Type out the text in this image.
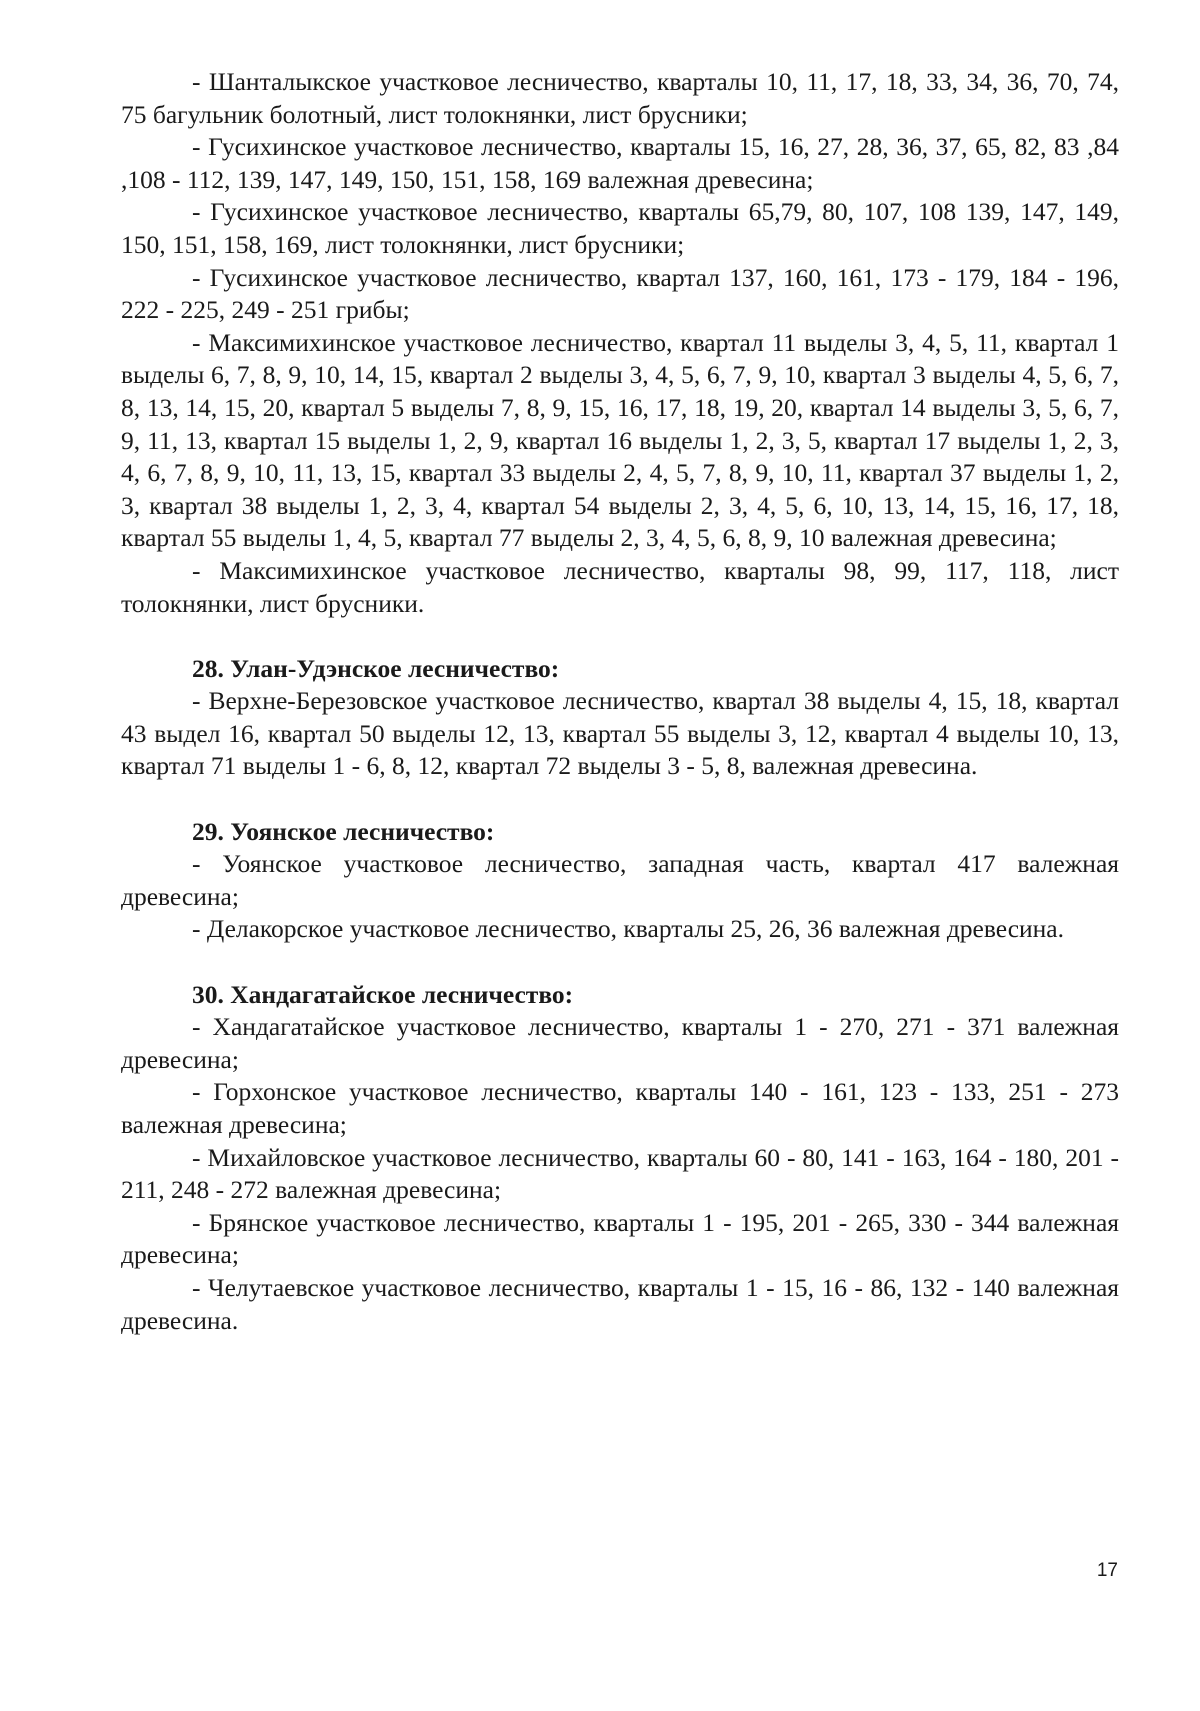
- Шанталыкское участковое лесничество, кварталы 10, 11, 17, 18, 33, 34, 36, 70, 74, 75 багульник болотный, лист толокнянки, лист брусники;

- Гусихинское участковое лесничество, кварталы 15, 16, 27, 28, 36, 37, 65, 82, 83 ,84 ,108 - 112, 139, 147, 149, 150, 151, 158, 169 валежная древесина;

- Гусихинское участковое лесничество, кварталы 65,79, 80, 107, 108 139, 147, 149, 150, 151, 158, 169, лист толокнянки, лист брусники;

- Гусихинское участковое лесничество, квартал 137, 160, 161, 173 - 179, 184 - 196, 222 - 225, 249 - 251 грибы;

- Максимихинское участковое лесничество, квартал 11 выделы 3, 4, 5, 11, квартал 1 выделы 6, 7, 8, 9, 10, 14, 15, квартал 2 выделы 3, 4, 5, 6, 7, 9, 10, квартал 3 выделы 4, 5, 6, 7, 8, 13, 14, 15, 20, квартал 5 выделы 7, 8, 9, 15, 16, 17, 18, 19, 20, квартал 14 выделы 3, 5, 6, 7, 9, 11, 13, квартал 15 выделы 1, 2, 9, квартал 16 выделы 1, 2, 3, 5, квартал 17 выделы 1, 2, 3, 4, 6, 7, 8, 9, 10, 11, 13, 15, квартал 33 выделы 2, 4, 5, 7, 8, 9, 10, 11, квартал 37 выделы 1, 2, 3, квартал 38 выделы 1, 2, 3, 4, квартал 54 выделы 2, 3, 4, 5, 6, 10, 13, 14, 15, 16, 17, 18, квартал 55 выделы 1, 4, 5, квартал 77 выделы 2, 3, 4, 5, 6, 8, 9, 10 валежная древесина;

- Максимихинское участковое лесничество, кварталы 98, 99, 117, 118, лист толокнянки, лист брусники.

28. Улан-Удэнское лесничество:

- Верхне-Березовское участковое лесничество, квартал 38 выделы 4, 15, 18, квартал 43 выдел 16, квартал 50 выделы 12, 13, квартал 55 выделы 3, 12, квартал 4 выделы 10, 13, квартал 71 выделы 1 - 6, 8, 12, квартал 72 выделы 3 - 5, 8, валежная древесина.

29. Уоянское лесничество:

- Уоянское участковое лесничество, западная часть, квартал 417 валежная древесина;

- Делакорское участковое лесничество, кварталы 25, 26, 36 валежная древесина.

30. Хандагатайское лесничество:

- Хандагатайское участковое лесничество, кварталы 1 - 270, 271 - 371 валежная древесина;

- Горхонское участковое лесничество, кварталы 140 - 161, 123 - 133, 251 - 273 валежная древесина;

- Михайловское участковое лесничество, кварталы 60 - 80, 141 - 163, 164 - 180, 201 - 211, 248 - 272 валежная древесина;

- Брянское участковое лесничество, кварталы 1 - 195, 201 - 265, 330 - 344 валежная древесина;

- Челутаевское участковое лесничество, кварталы 1 - 15, 16 - 86, 132 - 140 валежная древесина.

17
